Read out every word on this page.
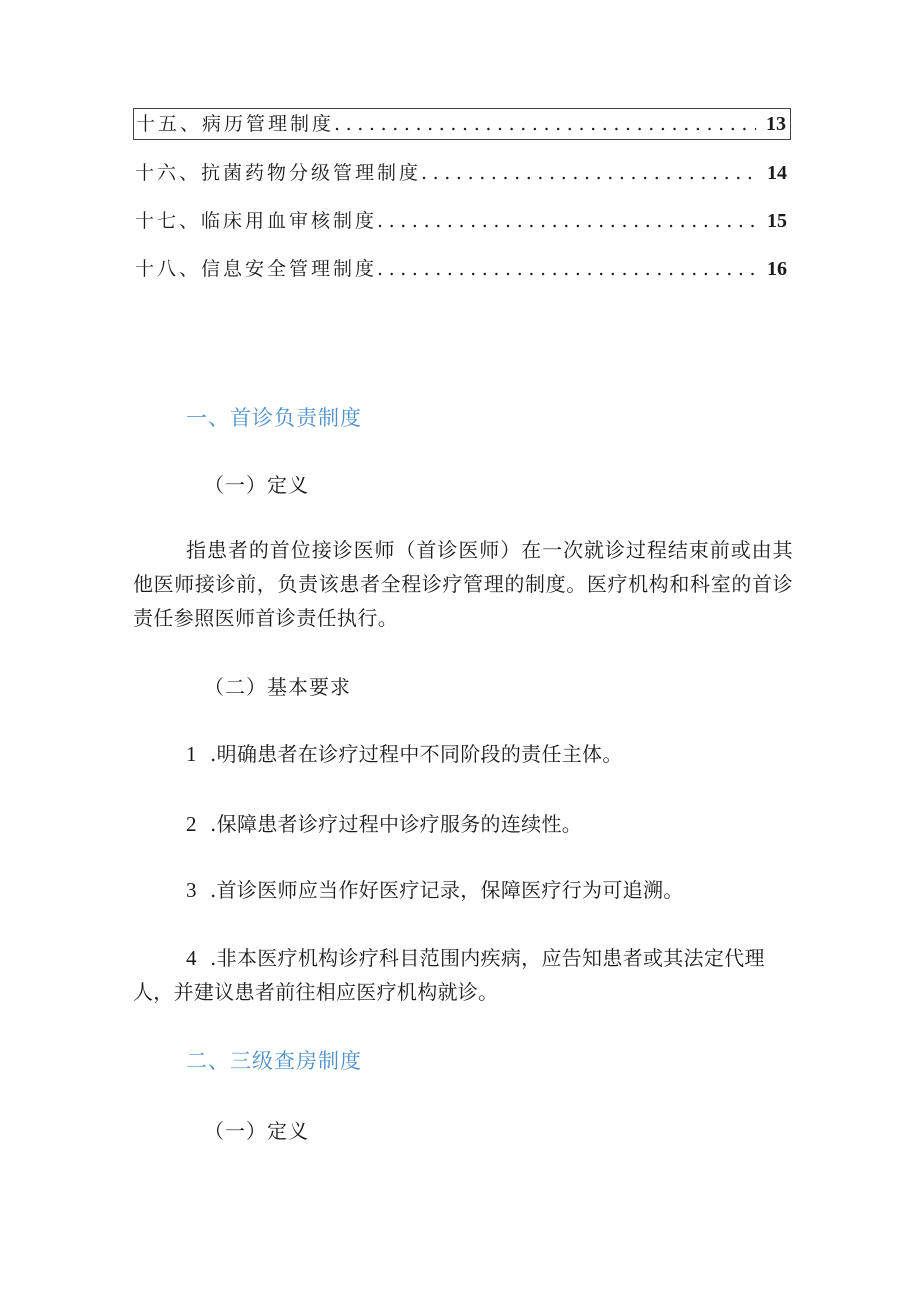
十五、病历管理制度 .....	13
十六、抗菌药物分级管理制度 .....	14
十七、临床用血审核制度 .....	15
十八、信息安全管理制度 .....	16
一、首诊负责制度
（一）定义
指患者的首位接诊医师（首诊医师）在一次就诊过程结束前或由其他医师接诊前，负责该患者全程诊疗管理的制度。医疗机构和科室的首诊责任参照医师首诊责任执行。
（二）基本要求
1 .明确患者在诊疗过程中不同阶段的责任主体。
2 .保障患者诊疗过程中诊疗服务的连续性。
3 .首诊医师应当作好医疗记录，保障医疗行为可追溯。
4 .非本医疗机构诊疗科目范围内疾病，应告知患者或其法定代理人，并建议患者前往相应医疗机构就诊。
二、三级查房制度
（一）定义
